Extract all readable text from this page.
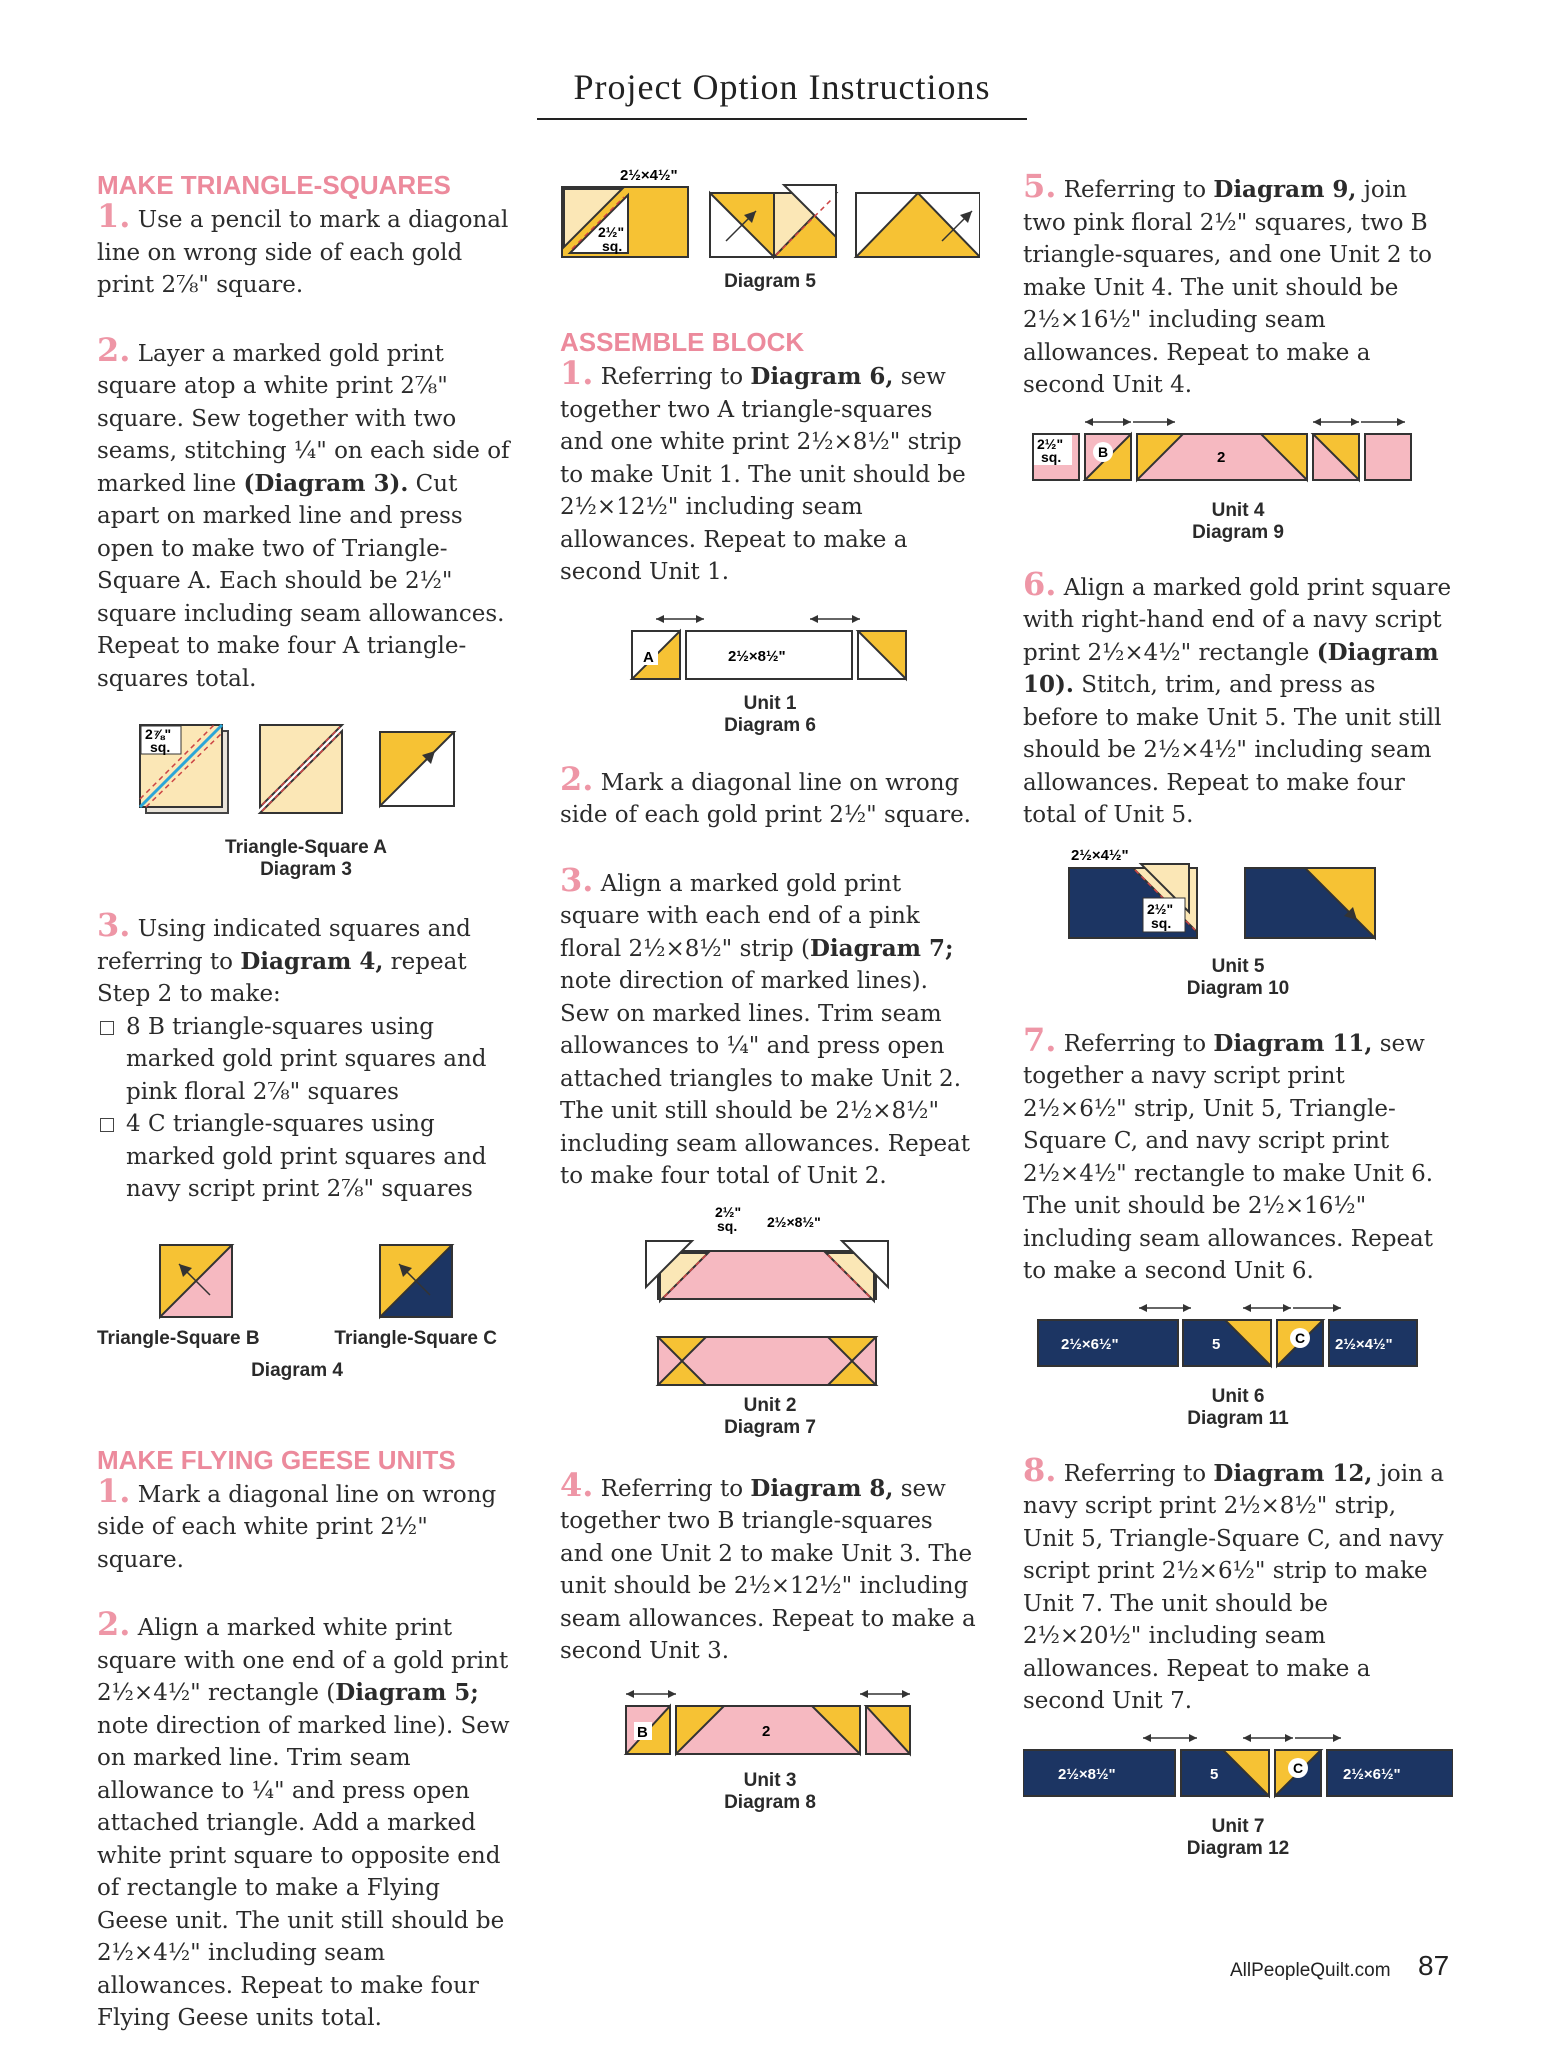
Project Option Instructions
MAKE TRIANGLE-SQUARES

1. Use a pencil to mark a diagonal line on wrong side of each gold print 2⅞" square.

2. Layer a marked gold print square atop a white print 2⅞" square. Sew together with two seams, stitching ¼" on each side of marked line (Diagram 3). Cut apart on marked line and press open to make two of Triangle-Square A. Each should be 2½" square including seam allowances. Repeat to make four A triangle-squares total.

2⅞"
sq.
Triangle-Square A
Diagram 3

3. Using indicated squares and referring to Diagram 4, repeat Step 2 to make:

8 B triangle-squares using marked gold print squares and pink floral 2⅞" squares
4 C triangle-squares using marked gold print squares and navy script print 2⅞" squares
Triangle-Square B	Triangle-Square C
Diagram 4
MAKE FLYING GEESE UNITS

1. Mark a diagonal line on wrong side of each white print 2½" square.

2. Align a marked white print square with one end of a gold print 2½×4½" rectangle (Diagram 5; note direction of marked line). Sew on marked line. Trim seam allowance to ¼" and press open attached triangle. Add a marked white print square to opposite end of rectangle to make a Flying Geese unit. The unit still should be 2½×4½" including seam allowances. Repeat to make four Flying Geese units total.

2½×4½"
2½"
sq.
Diagram 5
ASSEMBLE BLOCK

1. Referring to Diagram 6, sew together two A triangle-squares and one white print 2½×8½" strip to make Unit 1. The unit should be 2½×12½" including seam allowances. Repeat to make a second Unit 1.

A	2½×8½"
Unit 1
Diagram 6

2. Mark a diagonal line on wrong side of each gold print 2½" square.

3. Align a marked gold print square with each end of a pink floral 2½×8½" strip (Diagram 7; note direction of marked lines). Sew on marked lines. Trim seam allowances to ¼" and press open attached triangles to make Unit 2. The unit still should be 2½×8½" including seam allowances. Repeat to make four total of Unit 2.

2½"
sq. 2½×8½"
Unit 2
Diagram 7

4. Referring to Diagram 8, sew together two B triangle-squares and one Unit 2 to make Unit 3. The unit should be 2½×12½" including seam allowances. Repeat to make a second Unit 3.

B	2
Unit 3
Diagram 8

5. Referring to Diagram 9, join two pink floral 2½" squares, two B triangle-squares, and one Unit 2 to make Unit 4. The unit should be 2½×16½" including seam allowances. Repeat to make a second Unit 4.

2½"
sq.	B	2
Unit 4
Diagram 9

6. Align a marked gold print square with right-hand end of a navy script print 2½×4½" rectangle (Diagram 10). Stitch, trim, and press as before to make Unit 5. The unit still should be 2½×4½" including seam allowances. Repeat to make four total of Unit 5.

2½×4½"
2½"
sq.
Unit 5
Diagram 10

7. Referring to Diagram 11, sew together a navy script print 2½×6½" strip, Unit 5, Triangle-Square C, and navy script print 2½×4½" rectangle to make Unit 6. The unit should be 2½×16½" including seam allowances. Repeat to make a second Unit 6.

2½×6½"	5	C 2½×4½"
Unit 6
Diagram 11

8. Referring to Diagram 12, join a navy script print 2½×8½" strip, Unit 5, Triangle-Square C, and navy script print 2½×6½" strip to make Unit 7. The unit should be 2½×20½" including seam allowances. Repeat to make a second Unit 7.

2½×8½"	5	C	2½×6½"
Unit 7
Diagram 12
AllPeopleQuilt.com 87
